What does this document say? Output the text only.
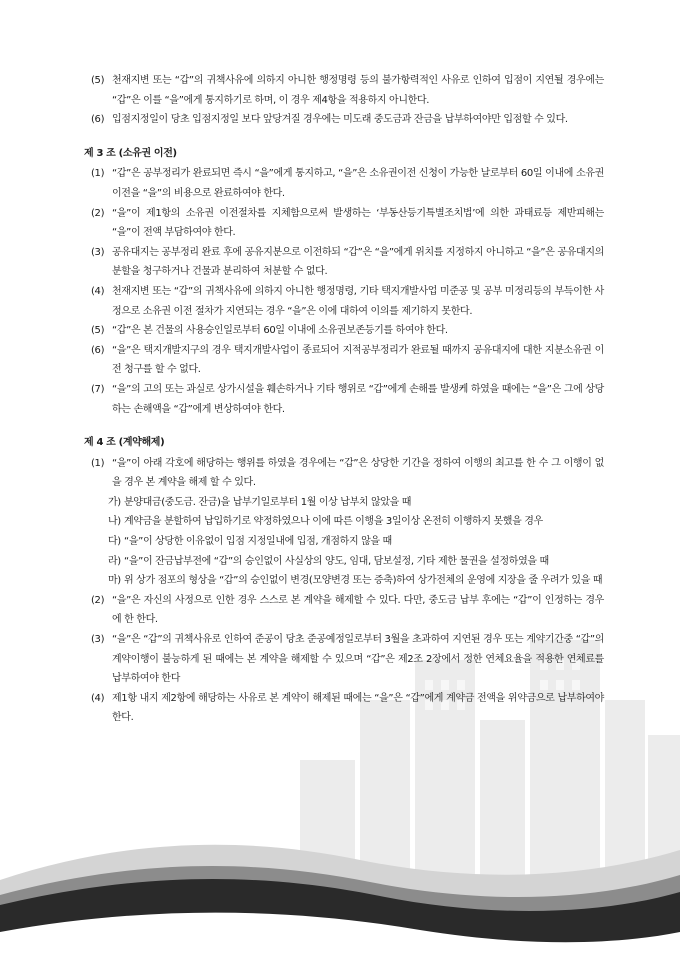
(5) 천재지변 또는 “갑”의 귀책사유에 의하지 아니한 행정명령 등의 불가항력적인 사유로 인하여 입점이 지연될 경우에는 “갑”은 이를 “을”에게 통지하기로 하며, 이 경우 제4항을 적용하지 아니한다.
(6) 입점지정일이 당초 입점지정일 보다 앞당겨질 경우에는 미도래 중도금과 잔금을 납부하여야만 입점할 수 있다.
제 3 조 (소유권 이전)
(1) “갑”은 공부정리가 완료되면 즉시 “을”에게 통지하고, “을”은 소유권이전 신청이 가능한 날로부터 60일 이내에 소유권이전을 “을”의 비용으로 완료하여야 한다.
(2) “을”이 제1항의 소유권 이전절차를 지체함으로써 발생하는 ‘부동산등기특별조치법’에 의한 과태료등 제반피해는 “을”이 전액 부담하여야 한다.
(3) 공유대지는 공부정리 완료 후에 공유지분으로 이전하되 “갑”은 “을”에게 위치를 지정하지 아니하고 “을”은 공유대지의 분할을 청구하거나 건물과 분리하여 처분할 수 없다.
(4) 천재지변 또는 “갑”의 귀책사유에 의하지 아니한 행정명령, 기타 택지개발사업 미준공 및 공부 미정리등의 부득이한 사정으로 소유권 이전 절차가 지연되는 경우 “을”은 이에 대하여 이의를 제기하지 못한다.
(5) “갑”은 본 건물의 사용승인일로부터 60일 이내에 소유권보존등기를 하여야 한다.
(6) “을”은 택지개발지구의 경우 택지개발사업이 종료되어 지적공부정리가 완료될 때까지 공유대지에 대한 지분소유권 이전 청구를 할 수 없다.
(7) “을”의 고의 또는 과실로 상가시설을 훼손하거나 기타 행위로 “갑”에게 손해를 발생케 하였을 때에는 “을”은 그에 상당하는 손해액을 “갑”에게 변상하여야 한다.
제 4 조 (계약해제)
(1) “을”이 아래 각호에 해당하는 행위를 하였을 경우에는 “갑”은 상당한 기간을 정하여 이행의 최고를 한 수 그 이행이 없을 경우 본 계약을 해제 할 수 있다.
가) 분양대금(중도금. 잔금)을 납부기일로부터 1월 이상 납부치 않았을 때
나) 계약금을 분할하여 납입하기로 약정하였으나 이에 따른 이행을 3일이상 온전히 이행하지 못했을 경우
다) “을”이 상당한 이유없이 입점 지정일내에 입점, 개점하지 않을 때
라) “을”이 잔금납부전에 “갑”의 승인없이 사실상의 양도, 임대, 담보설정, 기타 제한 물권을 설정하였을 때
마) 위 상가 점포의 형상을 “갑”의 승인없이 변경(모양변경 또는 증축)하여 상가전체의 운영에 지장을 줄 우려가 있을 때
(2) “을”은 자신의 사정으로 인한 경우 스스로 본 계약을 해제할 수 있다. 다만, 중도금 납부 후에는 “갑”이 인정하는 경우에 한 한다.
(3) “을”은 “갑”의 귀책사유로 인하여 준공이 당초 준공예정일로부터 3월을 초과하여 지연된 경우 또는 계약기간중 “갑”의 계약이행이 불능하게 된 때에는 본 계약을 해제할 수 있으며 “갑”은 제2조 2장에서 정한 연체요율을 적용한 연체료를 납부하여야 한다
(4) 제1항 내지 제2항에 해당하는 사유로 본 계약이 해제된 때에는 “을”은 “갑”에게 계약금 전액을 위약금으로 납부하여야 한다.
